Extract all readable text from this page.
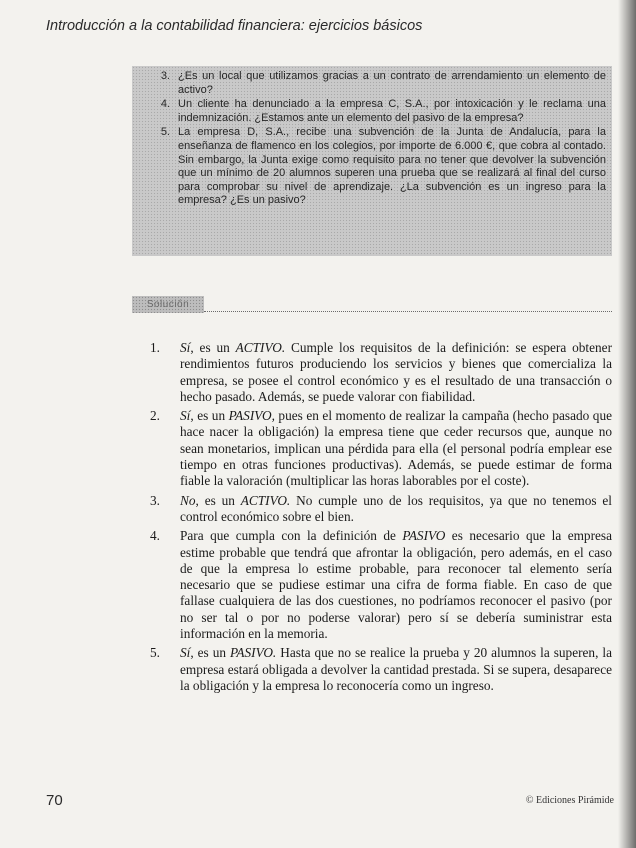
Introducción a la contabilidad financiera: ejercicios básicos
3. ¿Es un local que utilizamos gracias a un contrato de arrendamiento un elemento de activo?
4. Un cliente ha denunciado a la empresa C, S.A., por intoxicación y le reclama una indemnización. ¿Estamos ante un elemento del pasivo de la empresa?
5. La empresa D, S.A., recibe una subvención de la Junta de Andalucía, para la enseñanza de flamenco en los colegios, por importe de 6.000 €, que cobra al contado. Sin embargo, la Junta exige como requisito para no tener que devolver la subvención que un mínimo de 20 alumnos superen una prueba que se realizará al final del curso para comprobar su nivel de aprendizaje. ¿La subvención es un ingreso para la empresa? ¿Es un pasivo?
Solución
1.	Sí, es un ACTIVO. Cumple los requisitos de la definición: se espera obtener rendimientos futuros produciendo los servicios y bienes que comercializa la empresa, se posee el control económico y es el resultado de una transacción o hecho pasado. Además, se puede valorar con fiabilidad.
2.	Sí, es un PASIVO, pues en el momento de realizar la campaña (hecho pasado que hace nacer la obligación) la empresa tiene que ceder recursos que, aunque no sean monetarios, implican una pérdida para ella (el personal podría emplear ese tiempo en otras funciones productivas). Además, se puede estimar de forma fiable la valoración (multiplicar las horas laborables por el coste).
3.	No, es un ACTIVO. No cumple uno de los requisitos, ya que no tenemos el control económico sobre el bien.
4.	Para que cumpla con la definición de PASIVO es necesario que la empresa estime probable que tendrá que afrontar la obligación, pero además, en el caso de que la empresa lo estime probable, para reconocer tal elemento sería necesario que se pudiese estimar una cifra de forma fiable. En caso de que fallase cualquiera de las dos cuestiones, no podríamos reconocer el pasivo (por no ser tal o por no poderse valorar) pero sí se debería suministrar esta información en la memoria.
5.	Sí, es un PASIVO. Hasta que no se realice la prueba y 20 alumnos la superen, la empresa estará obligada a devolver la cantidad prestada. Si se supera, desaparece la obligación y la empresa lo reconocería como un ingreso.
70	© Ediciones Pirámide
